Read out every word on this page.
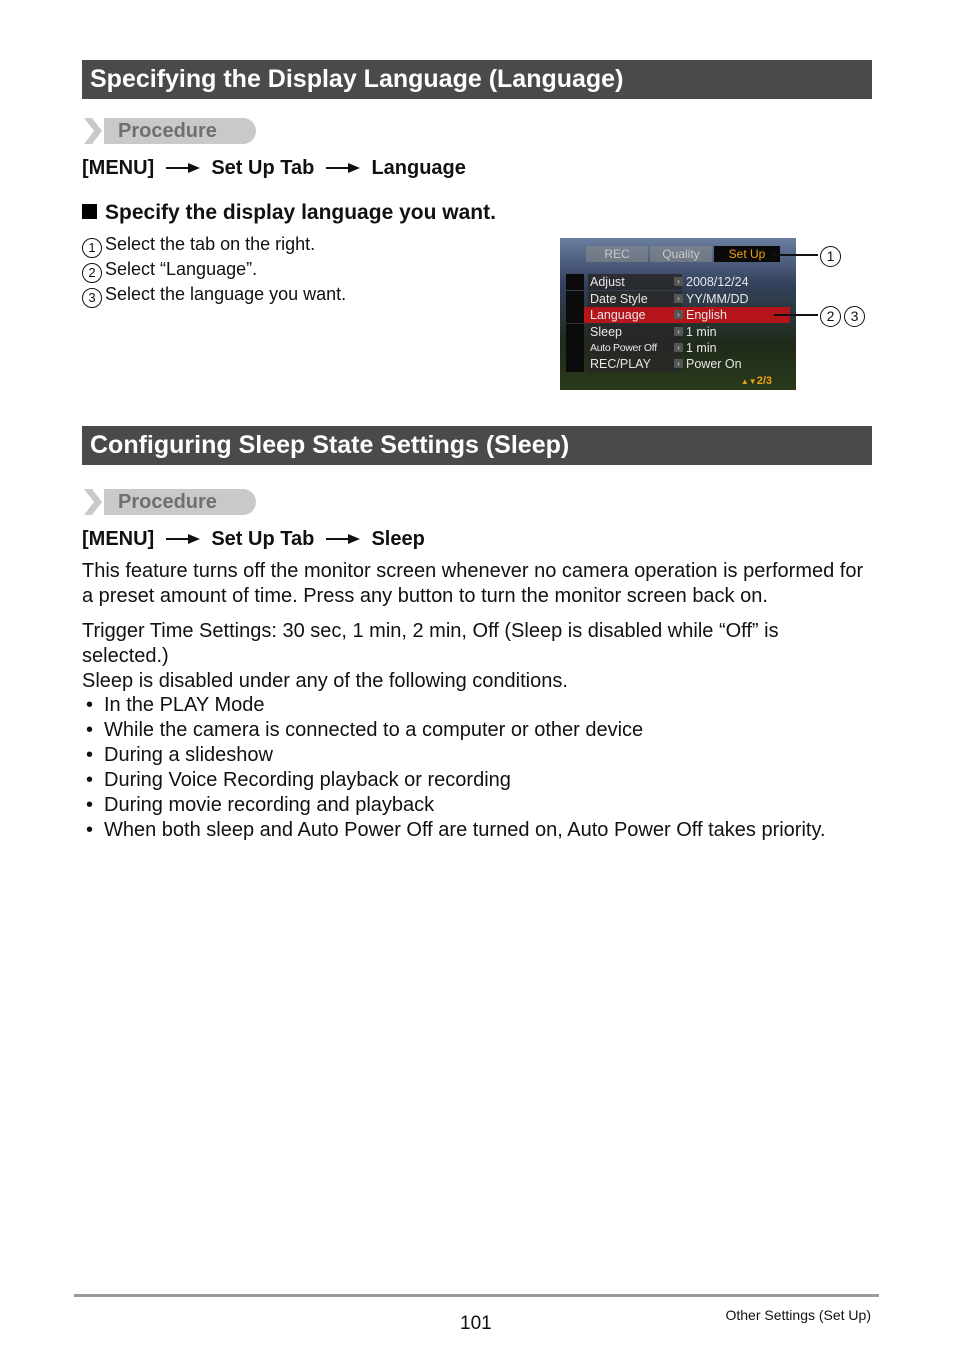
Specifying the Display Language (Language)
Procedure
[MENU]	Set Up Tab	Language
Specify the display language you want.
1 Select the tab on the right.
2 Select “Language”.
3 Select the language you want.
REC	Quality	Set Up
Adjust	› 2008/12/24
Date Style	› YY/MM/DD
Language	› English
Sleep	› 1 min
Auto Power Off	› 1 min
REC/PLAY	› Power On
▲▼2/3
1
2 3
Configuring Sleep State Settings (Sleep)
Procedure
[MENU]	Set Up Tab	Sleep
This feature turns off the monitor screen whenever no camera operation is performed for a preset amount of time. Press any button to turn the monitor screen back on.
Trigger Time Settings: 30 sec, 1 min, 2 min, Off (Sleep is disabled while “Off” is selected.)
Sleep is disabled under any of the following conditions.
• In the PLAY Mode
• While the camera is connected to a computer or other device
• During a slideshow
• During Voice Recording playback or recording
• During movie recording and playback
• When both sleep and Auto Power Off are turned on, Auto Power Off takes priority.
101	Other Settings (Set Up)
